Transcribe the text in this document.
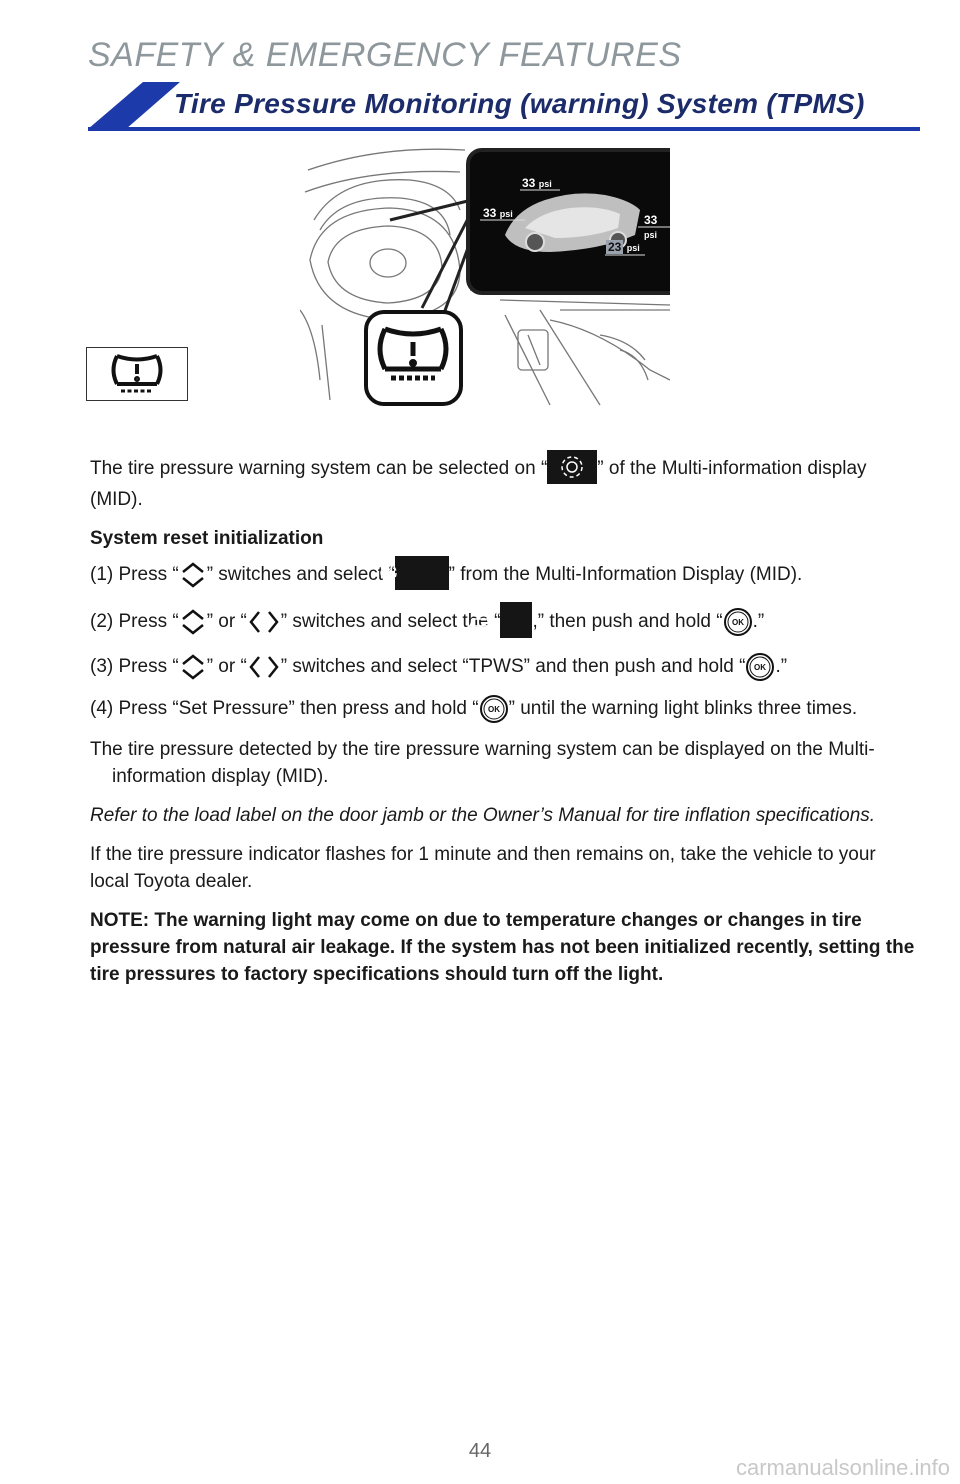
SAFETY & EMERGENCY FEATURES
Tire Pressure Monitoring (warning) System (TPMS)
33 psi
33 psi	33 psi
23 psi

The tire pressure warning system can be selected on “	” of the Multi-information display (MID).

System reset initialization

(1) Press “ ” switches and select “	” from the Multi-Information Display (MID).

(2) Press “ ” or “ ” switches and select the “ ,” then push and hold “ OK .”

(3) Press “ ” or “ ” switches and select “TPWS” and then push and hold “ OK .”

(4) Press “Set Pressure” then press and hold “ OK ” until the warning light blinks three times.

The tire pressure detected by the tire pressure warning system can be displayed on the Multi-information display (MID).

Refer to the load label on the door jamb or the Owner’s Manual for tire inflation specifications.

If the tire pressure indicator flashes for 1 minute and then remains on, take the vehicle to your local Toyota dealer.

NOTE: The warning light may come on due to temperature changes or changes in tire pressure from natural air leakage. If the system has not been initialized recently, setting the tire pressures to factory specifications should turn off the light.

44
carmanualsonline.info
